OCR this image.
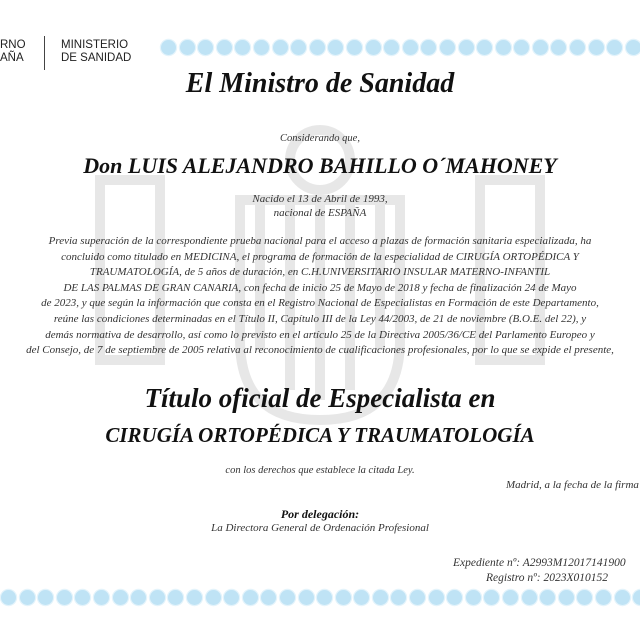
RNO
AÑA
MINISTERIO
DE SANIDAD
El Ministro de Sanidad
Considerando que,
Don LUIS ALEJANDRO BAHILLO O´MAHONEY
Nacido el 13 de Abril de 1993,
nacional de ESPAÑA
Previa superación de la correspondiente prueba nacional para el acceso a plazas de formación sanitaria especializada, ha
concluido como titulado en MEDICINA, el programa de formación de la especialidad de CIRUGÍA ORTOPÉDICA Y
TRAUMATOLOGÍA, de 5 años de duración, en C.H.UNIVERSITARIO INSULAR MATERNO-INFANTIL
DE LAS PALMAS DE GRAN CANARIA, con fecha de inicio 25 de Mayo de 2018 y fecha de finalización 24 de Mayo
de 2023, y que según la información que consta en el Registro Nacional de Especialistas en Formación de este Departamento,
reúne las condiciones determinadas en el Título II, Capítulo III de la Ley 44/2003, de 21 de noviembre (B.O.E. del 22), y
demás normativa de desarrollo, así como lo previsto en el artículo 25 de la Directiva 2005/36/CE del Parlamento Europeo y
del Consejo, de 7 de septiembre de 2005 relativa al reconocimiento de cualificaciones profesionales, por lo que se expide el presente,
Título oficial de Especialista en
CIRUGÍA ORTOPÉDICA Y TRAUMATOLOGÍA
con los derechos que establece la citada Ley.
Madrid, a la fecha de la firma
Por delegación:
La Directora General de Ordenación Profesional
Expediente nº: A2993M12017141900
Registro nº: 2023X010152
